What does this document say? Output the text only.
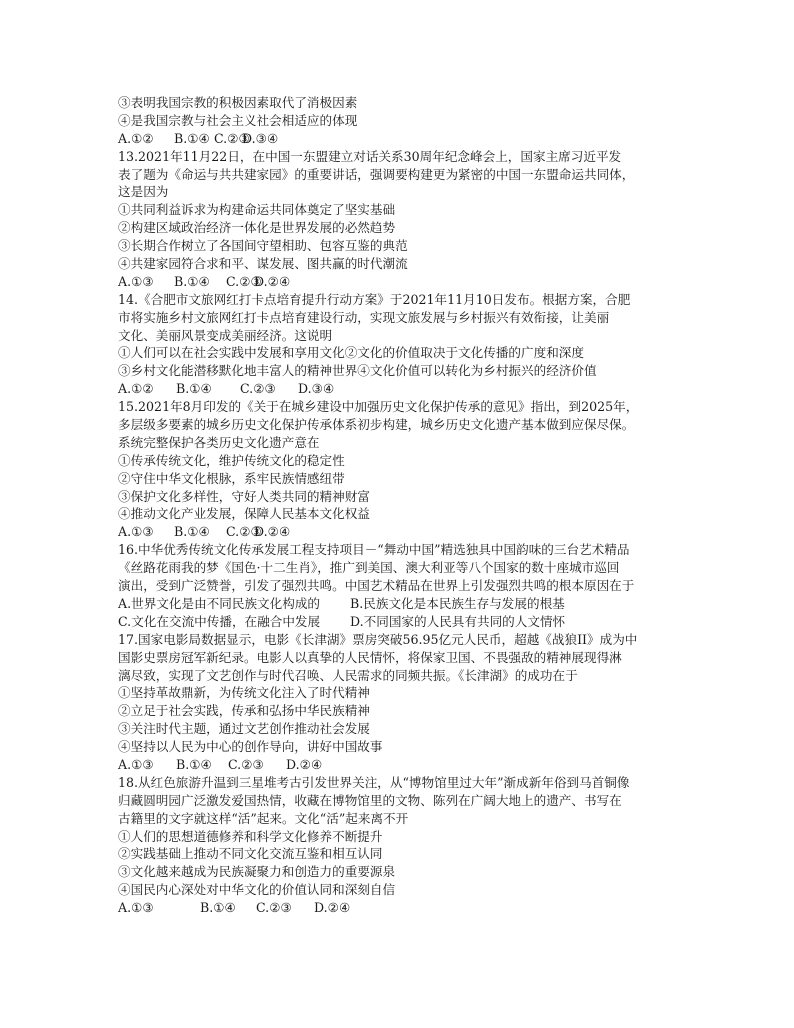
③表明我国宗教的积极因素取代了消极因素
④是我国宗教与社会主义社会相适应的体现
A.①② B.①④ C.②③D.③④
13.2021年11月22日，在中国一东盟建立对话关系30周年纪念峰会上，国家主席习近平发
表了题为《命运与共共建家园》的重要讲话，强调要构建更为紧密的中国一东盟命运共同体，
这是因为
①共同利益诉求为构建命运共同体奠定了坚实基础
②构建区域政治经济一体化是世界发展的必然趋势
③长期合作树立了各国间守望相助、包容互鉴的典范
④共建家园符合求和平、谋发展、图共赢的时代潮流
A.①③ B.①④ C.②③D.②④
14.《合肥市文旅网红打卡点培育提升行动方案》于2021年11月10日发布。根据方案，合肥
市将实施乡村文旅网红打卡点培育建设行动，实现文旅发展与乡村振兴有效衔接，让美丽
文化、美丽风景变成美丽经济。这说明
①人们可以在社会实践中发展和享用文化②文化的价值取决于文化传播的广度和深度
③乡村文化能潜移默化地丰富人的精神世界④文化价值可以转化为乡村振兴的经济价值
A.①② B.①④ C.②③ D.③④
15.2021年8月印发的《关于在城乡建设中加强历史文化保护传承的意见》指出，到2025年，
多层级多要素的城乡历史文化保护传承体系初步构建，城乡历史文化遗产基本做到应保尽保。
系统完整保护各类历史文化遗产意在
①传承传统文化，维护传统文化的稳定性
②守住中华文化根脉，系牢民族情感纽带
③保护文化多样性，守好人类共同的精神财富
④推动文化产业发展，保障人民基本文化权益
A.①③ B.①④ C.②③D.②④
16.中华优秀传统文化传承发展工程支持项目－“舞动中国”精选独具中国韵味的三台艺术精品
《丝路花雨我的梦《国色·十二生肖》，推广到美国、澳大利亚等八个国家的数十座城市巡回
演出，受到广泛赞誉，引发了强烈共鸣。中国艺术精品在世界上引发强烈共鸣的根本原因在于
A.世界文化是由不同民族文化构成的 B.民族文化是本民族生存与发展的根基
C.文化在交流中传播，在融合中发展 D.不同国家的人民具有共同的人文情怀
17.国家电影局数据显示，电影《长津湖》票房突破56.95亿元人民币，超越《战狼II》成为中
国影史票房冠军新纪录。电影人以真挚的人民情怀，将保家卫国、不畏强敌的精神展现得淋
漓尽致，实现了文艺创作与时代召唤、人民需求的同频共振。《长津湖》的成功在于
①坚持革故鼎新，为传统文化注入了时代精神
②立足于社会实践，传承和弘扬中华民族精神
③关注时代主题，通过文艺创作推动社会发展
④坚持以人民为中心的创作导向，讲好中国故事
A.①③ B.①④ C.②③ D.②④
18.从红色旅游升温到三星堆考古引发世界关注，从“博物馆里过大年”渐成新年俗到马首铜像
归藏圆明园广泛激发爱国热情，收藏在博物馆里的文物、陈列在广阔大地上的遗产、书写在
古籍里的文字就这样“活”起来。文化“活”起来离不开
①人们的思想道德修养和科学文化修养不断提升
②实践基础上推动不同文化交流互鉴和相互认同
③文化越来越成为民族凝聚力和创造力的重要源泉
④国民内心深处对中华文化的价值认同和深刻自信
A.①③	B.①④ C.②③ D.②④
